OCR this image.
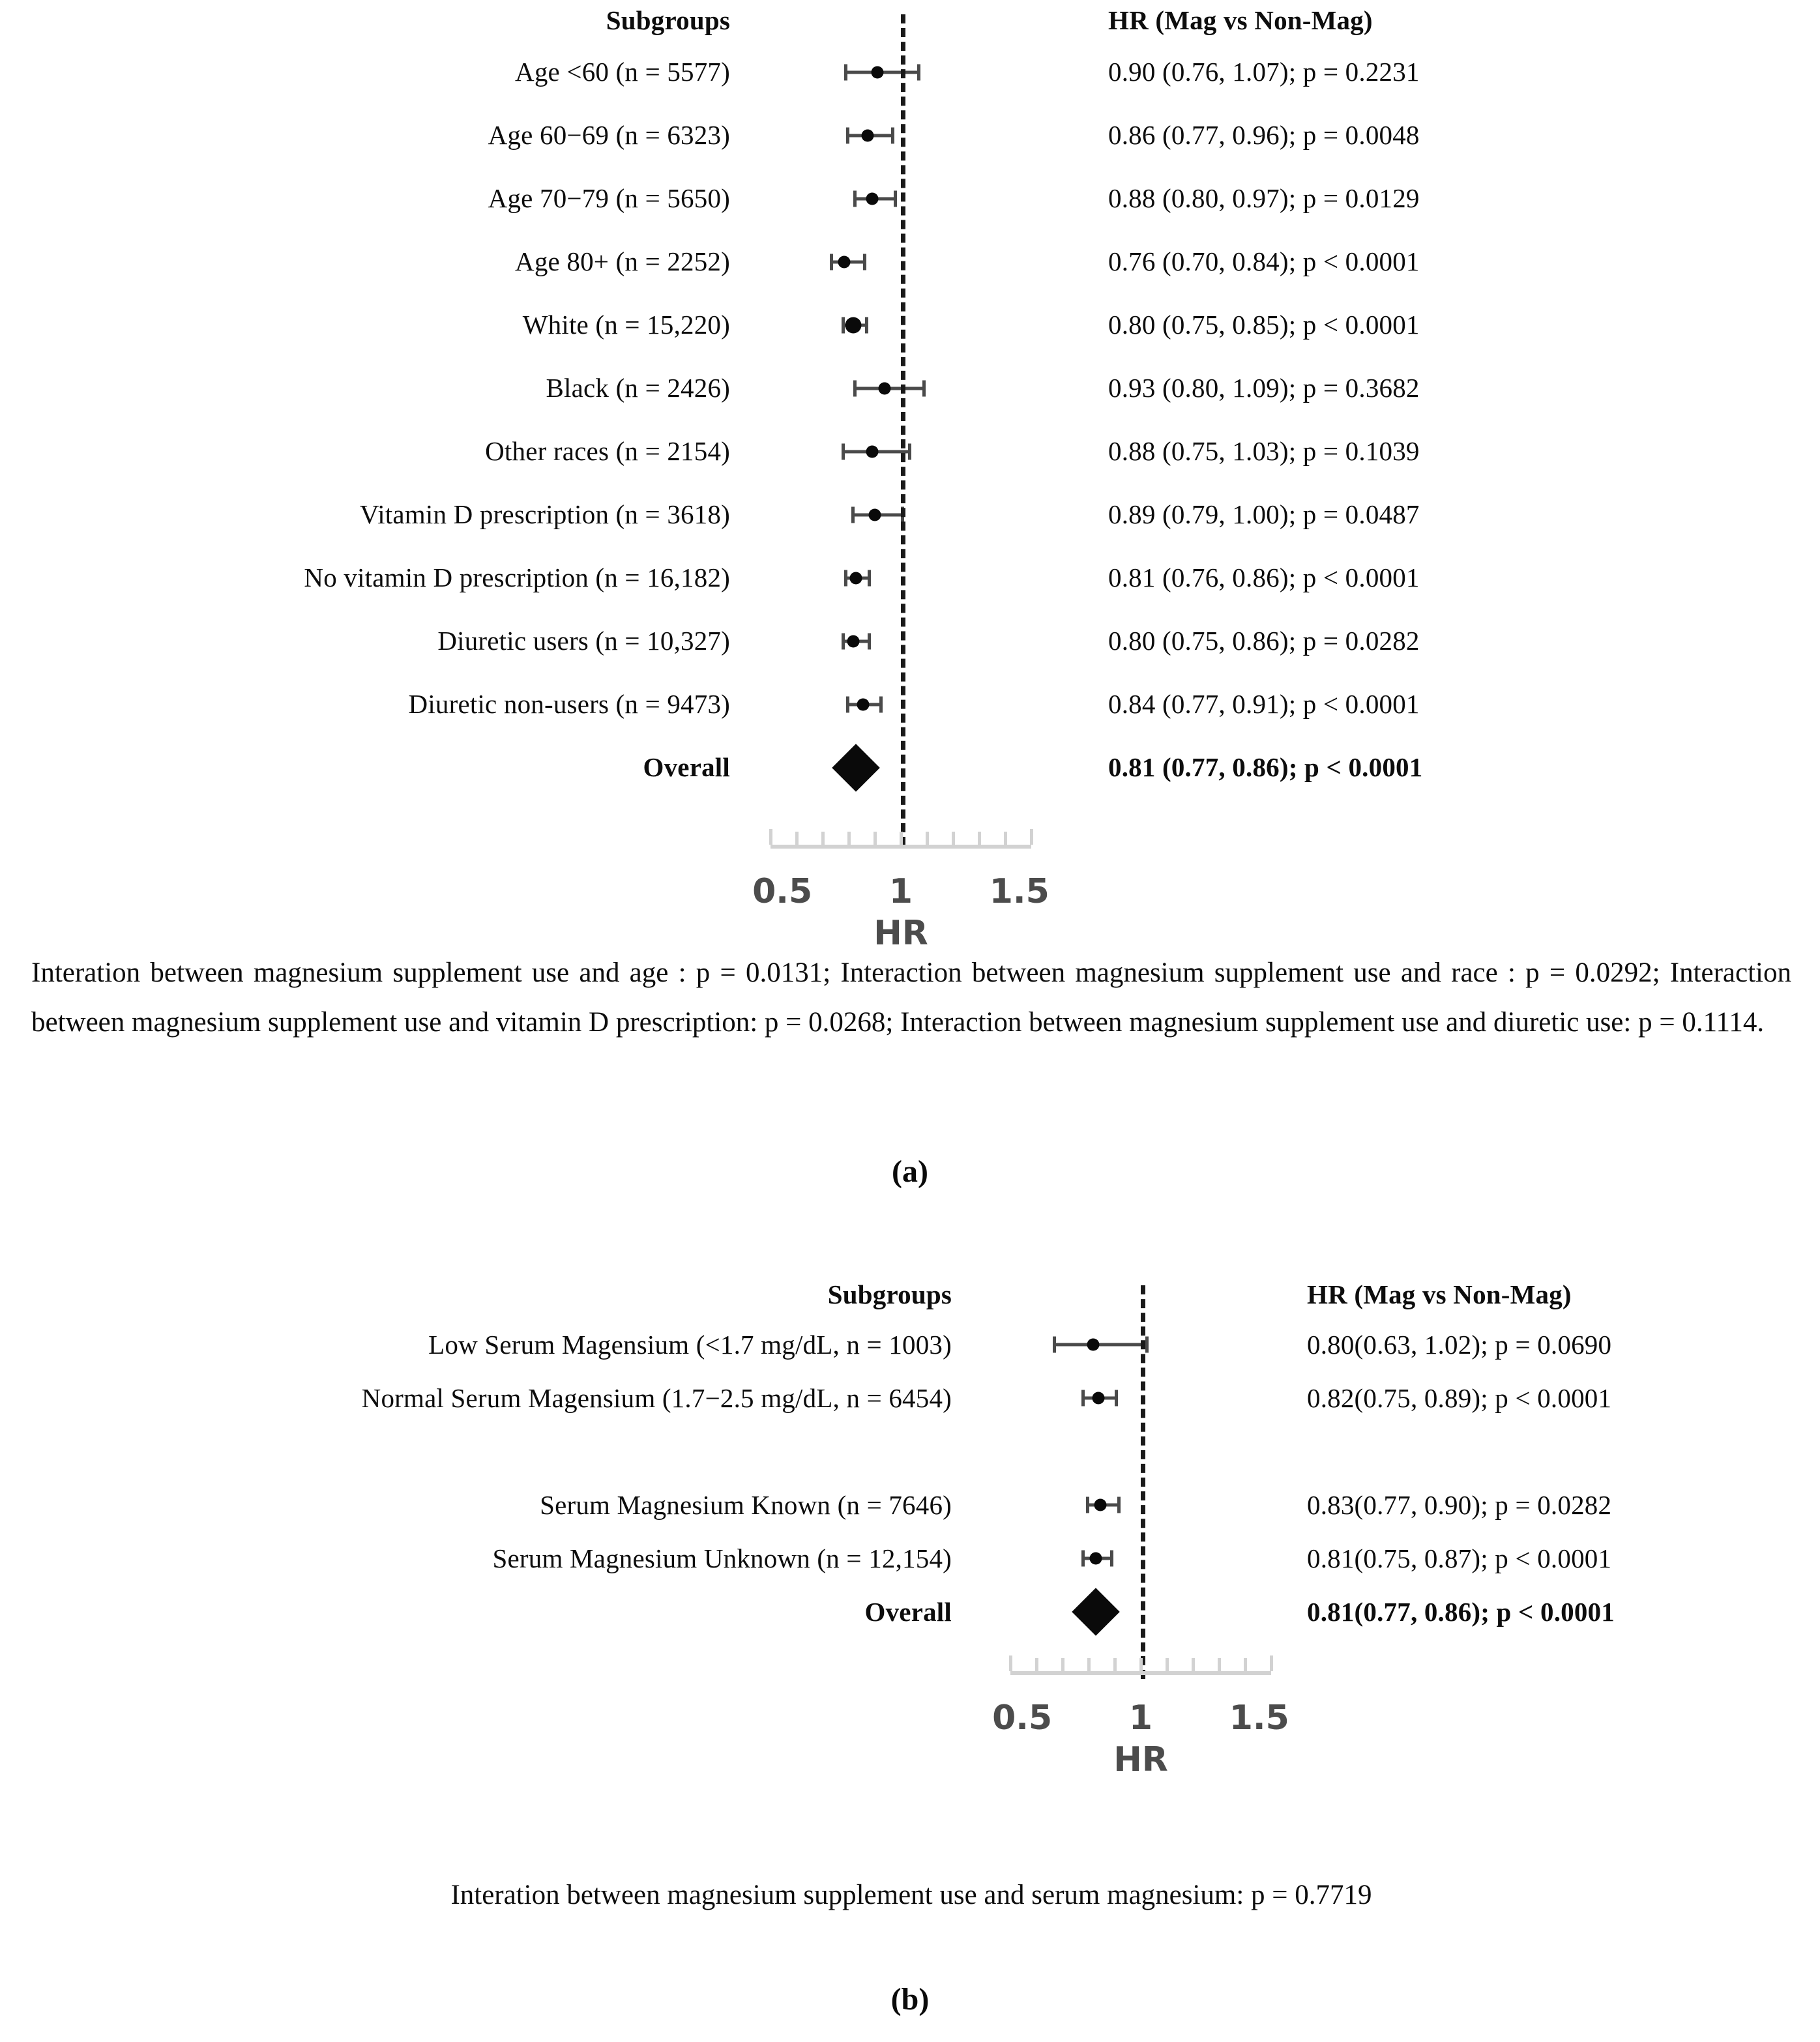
Subgroups	HR (Mag vs Non-Mag)
Age <60 (n = 5577)	0.90 (0.76, 1.07); p = 0.2231
Age 60−69 (n = 6323)	0.86 (0.77, 0.96); p = 0.0048
Age 70−79 (n = 5650)	0.88 (0.80, 0.97); p = 0.0129
Age 80+ (n = 2252)	0.76 (0.70, 0.84); p < 0.0001
White (n = 15,220)	0.80 (0.75, 0.85); p < 0.0001
Black (n = 2426)	0.93 (0.80, 1.09); p = 0.3682
Other races (n = 2154)	0.88 (0.75, 1.03); p = 0.1039
Vitamin D prescription (n = 3618)	0.89 (0.79, 1.00); p = 0.0487
No vitamin D prescription (n = 16,182)	0.81 (0.76, 0.86); p < 0.0001
Diuretic users (n = 10,327)	0.80 (0.75, 0.86); p = 0.0282
Diuretic non-users (n = 9473)	0.84 (0.77, 0.91); p < 0.0001
Overall	0.81 (0.77, 0.86); p < 0.0001
0.5 1 1.5
HR
Interation between magnesium supplement use and age : p = 0.0131; Interaction between magnesium supplement use and race : p = 0.0292; Interaction between magnesium supplement use and vitamin D prescription: p = 0.0268; Interaction between magnesium supplement use and diuretic use: p = 0.1114.
(a)
Subgroups	HR (Mag vs Non-Mag)
Low Serum Magensium (<1.7 mg/dL, n = 1003)	0.80(0.63, 1.02); p = 0.0690
Normal Serum Magensium (1.7−2.5 mg/dL, n = 6454)	0.82(0.75, 0.89); p < 0.0001
Serum Magnesium Known (n = 7646)	0.83(0.77, 0.90); p = 0.0282
Serum Magnesium Unknown (n = 12,154)	0.81(0.75, 0.87); p < 0.0001
Overall	0.81(0.77, 0.86); p < 0.0001
0.5 1 1.5
HR
Interation between magnesium supplement use and serum magnesium: p = 0.7719
(b)
